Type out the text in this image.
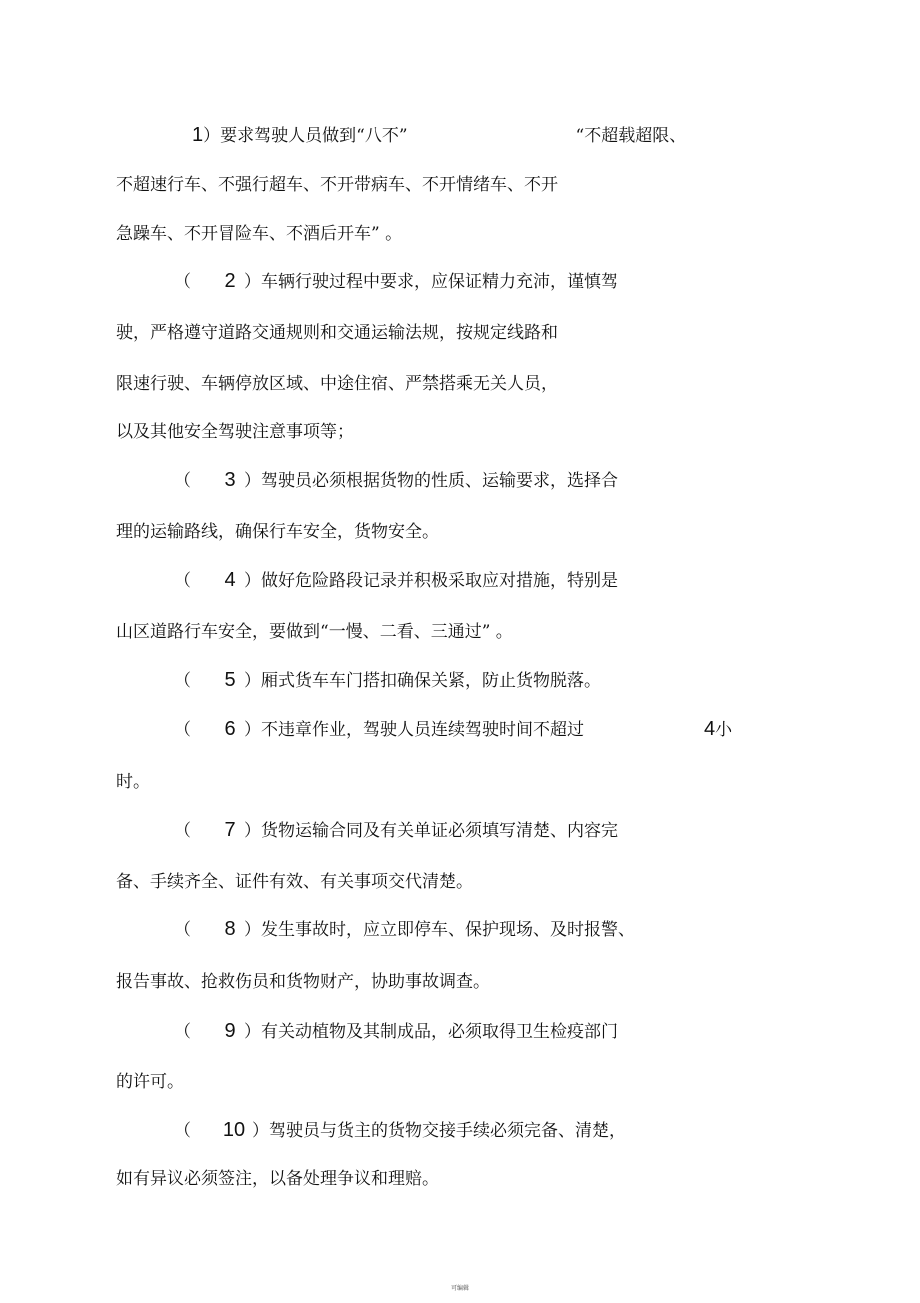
1）要求驾驶人员做到“八不”	“不超载超限、
不超速行车、不强行超车、不开带病车、不开情绪车、不开
急躁车、不开冒险车、不酒后开车” 。
（ 2 ）车辆行驶过程中要求，应保证精力充沛，谨慎驾
驶，严格遵守道路交通规则和交通运输法规，按规定线路和
限速行驶、车辆停放区域、中途住宿、严禁搭乘无关人员，
以及其他安全驾驶注意事项等；
（ 3 ）驾驶员必须根据货物的性质、运输要求，选择合
理的运输路线，确保行车安全，货物安全。
（ 4 ）做好危险路段记录并积极采取应对措施，特别是
山区道路行车安全，要做到“一慢、二看、三通过” 。
（ 5 ）厢式货车车门搭扣确保关紧，防止货物脱落。
（ 6 ）不违章作业，驾驶人员连续驾驶时间不超过	4小
时。
（ 7 ）货物运输合同及有关单证必须填写清楚、内容完
备、手续齐全、证件有效、有关事项交代清楚。
（ 8 ）发生事故时，应立即停车、保护现场、及时报警、
报告事故、抢救伤员和货物财产，协助事故调查。
（ 9 ）有关动植物及其制成品，必须取得卫生检疫部门
的许可。
（ 10 ）驾驶员与货主的货物交接手续必须完备、清楚，
如有异议必须签注，以备处理争议和理赔。
可编辑
